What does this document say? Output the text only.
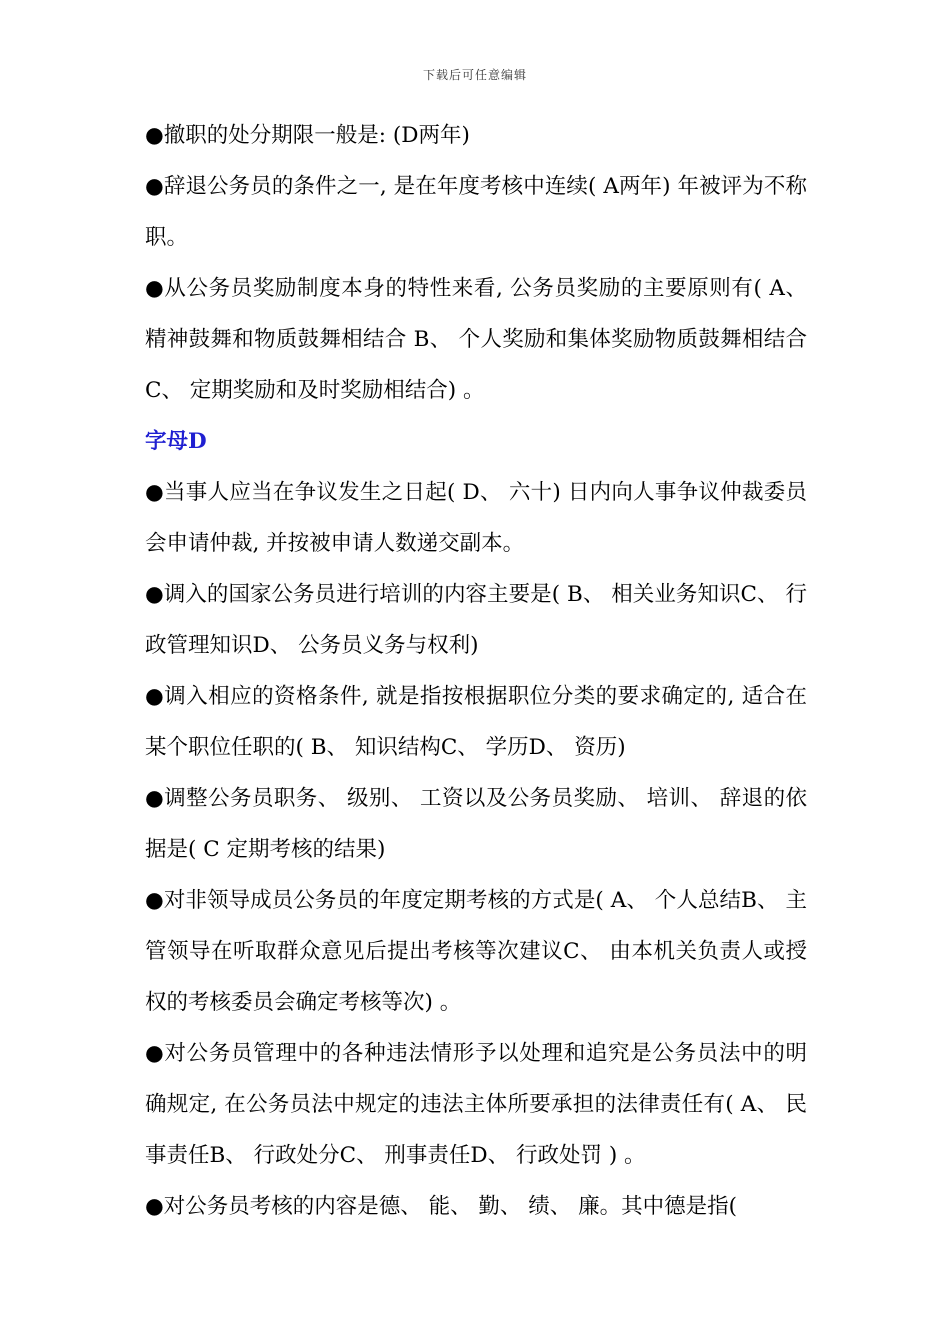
下载后可任意编辑

●撤职的处分期限一般是: (D两年)

●辞退公务员的条件之一, 是在年度考核中连续( A两年) 年被评为不称职。

●从公务员奖励制度本身的特性来看, 公务员奖励的主要原则有( A、 精神鼓舞和物质鼓舞相结合 B、 个人奖励和集体奖励物质鼓舞相结合 C、 定期奖励和及时奖励相结合) 。

字母D

●当事人应当在争议发生之日起( D、 六十) 日内向人事争议仲裁委员会申请仲裁, 并按被申请人数递交副本。

●调入的国家公务员进行培训的内容主要是( B、 相关业务知识C、 行政管理知识D、 公务员义务与权利)

●调入相应的资格条件, 就是指按根据职位分类的要求确定的, 适合在某个职位任职的( B、 知识结构C、 学历D、 资历)

●调整公务员职务、 级别、 工资以及公务员奖励、 培训、 辞退的依据是( C 定期考核的结果)

●对非领导成员公务员的年度定期考核的方式是( A、 个人总结B、 主管领导在听取群众意见后提出考核等次建议C、 由本机关负责人或授权的考核委员会确定考核等次) 。

●对公务员管理中的各种违法情形予以处理和追究是公务员法中的明确规定, 在公务员法中规定的违法主体所要承担的法律责任有( A、 民事责任B、 行政处分C、 刑事责任D、 行政处罚 ) 。

●对公务员考核的内容是德、 能、 勤、 绩、 廉。其中德是指(
